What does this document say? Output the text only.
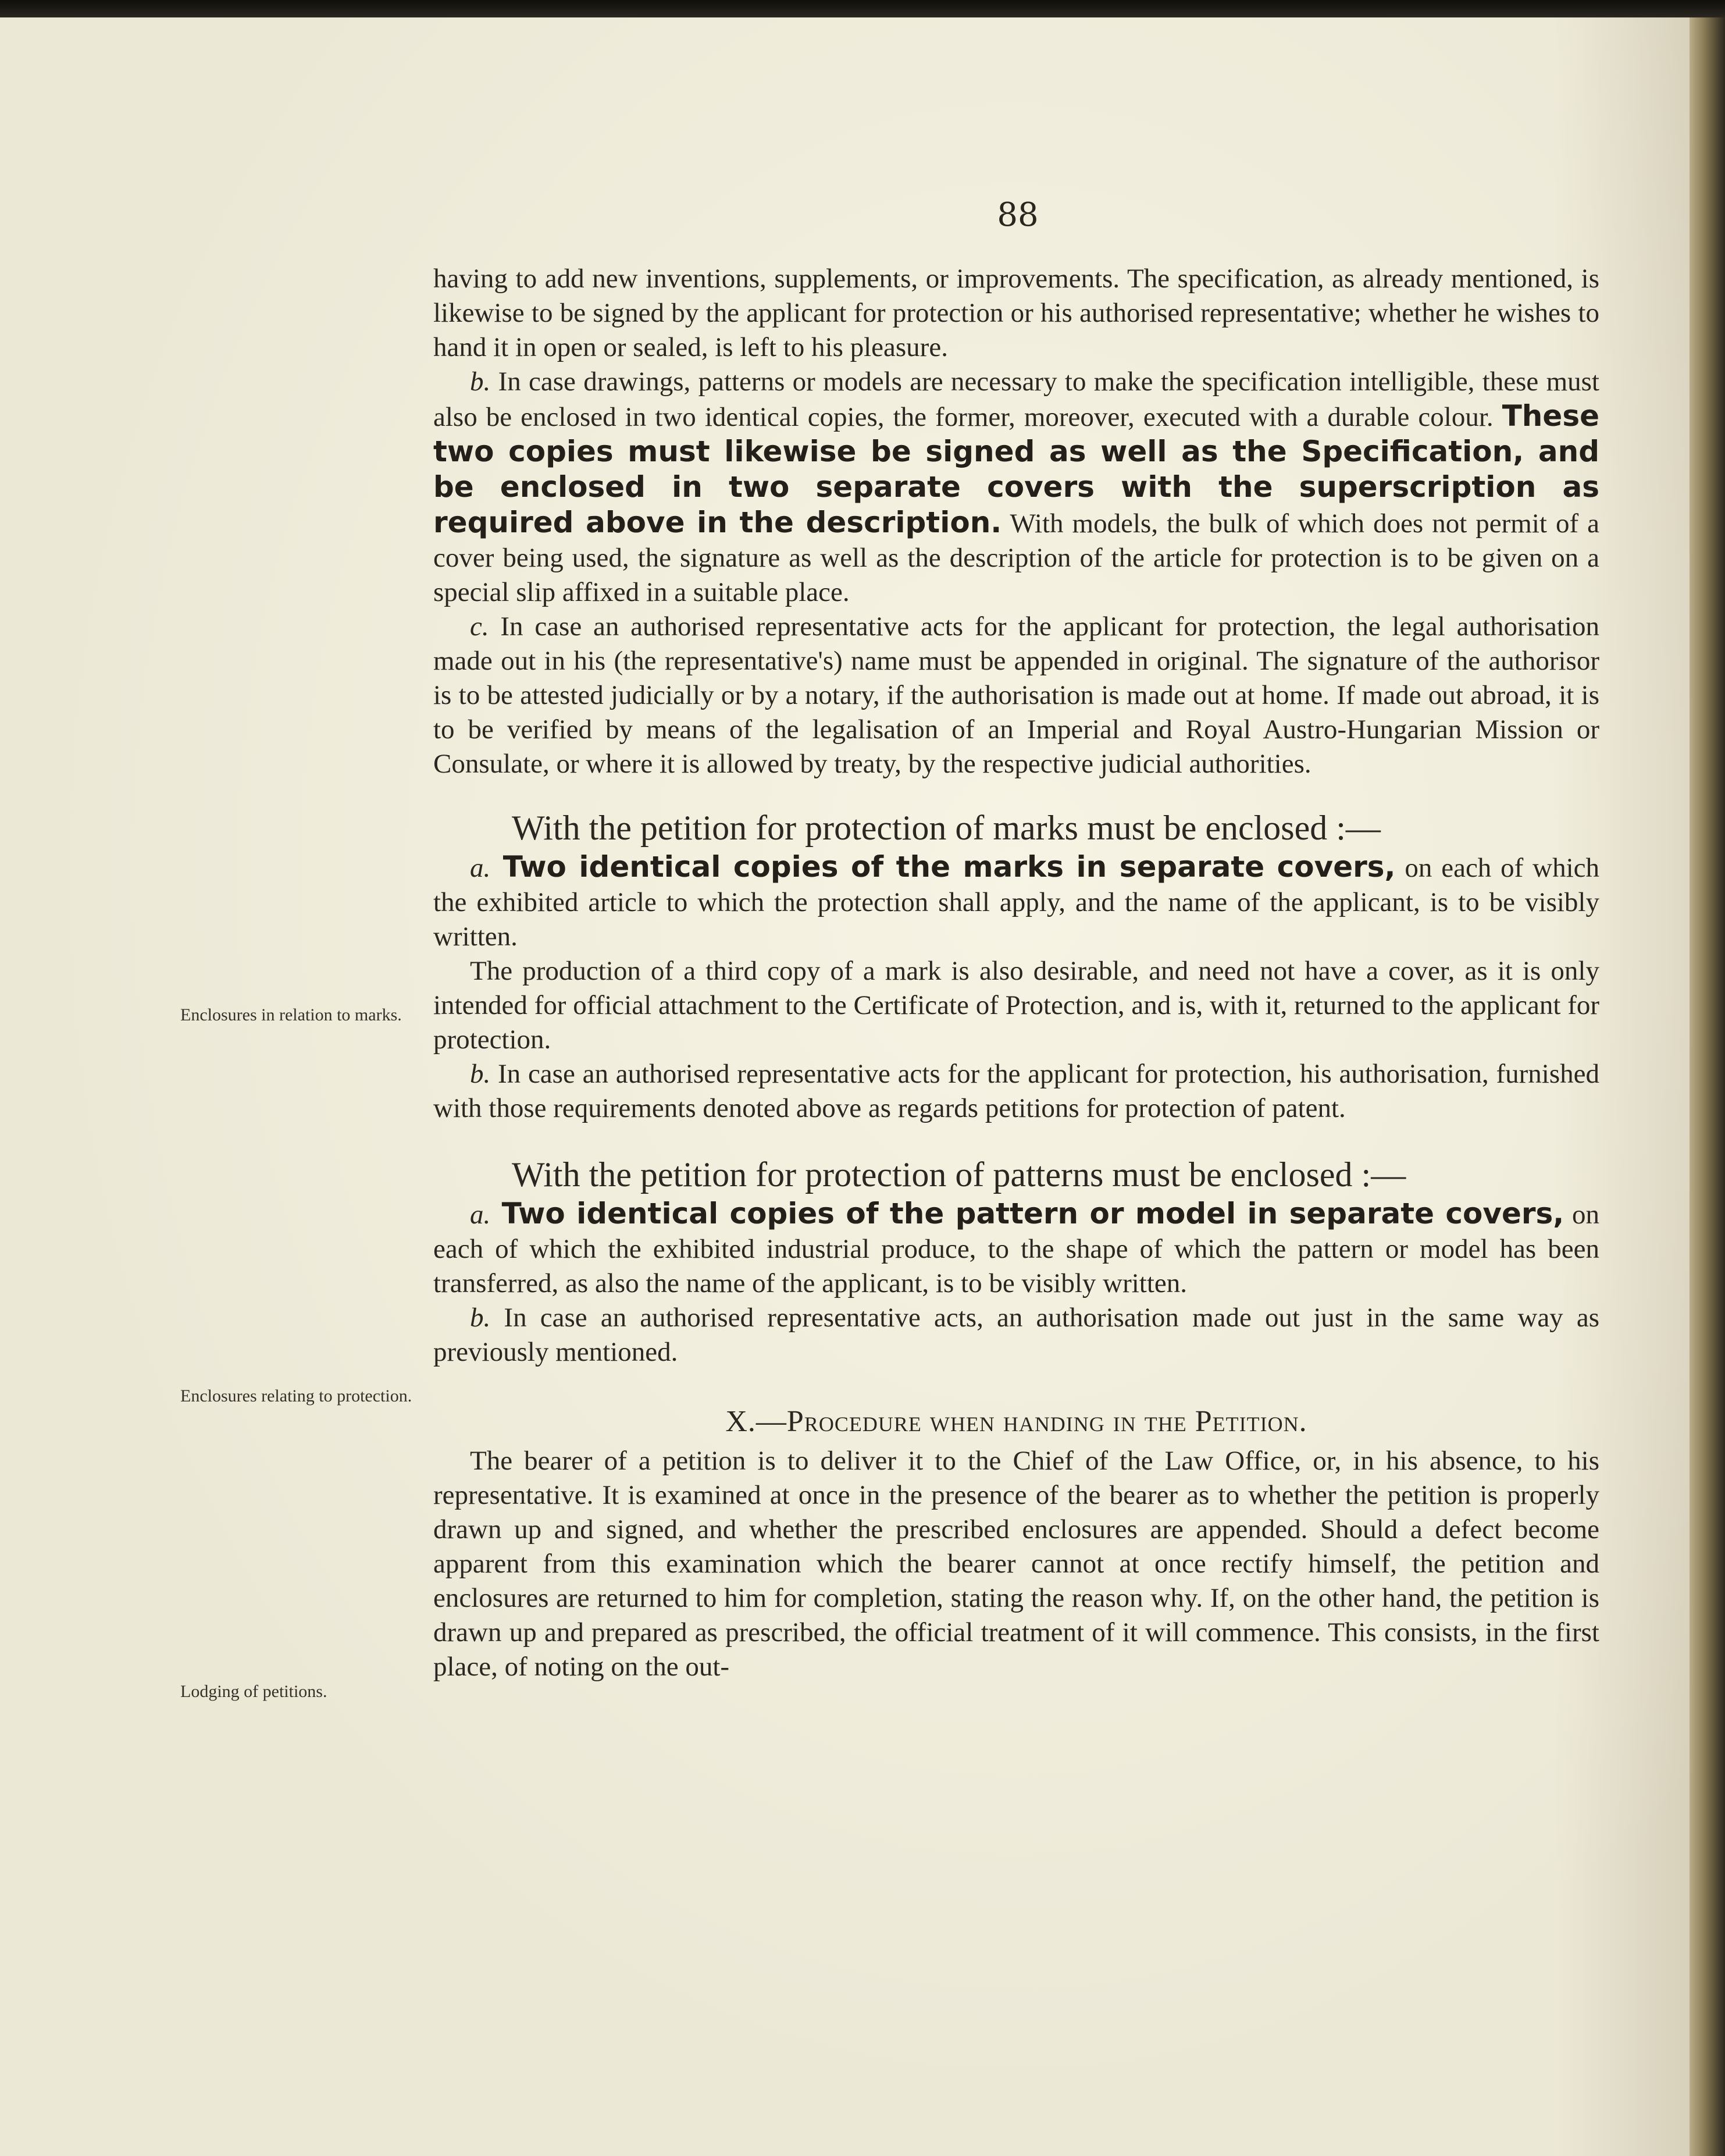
88
Enclosures in relation to marks.
Enclosures relating to protection.
Lodging of petitions.

having to add new inventions, supplements, or improvements. The specification, as already mentioned, is likewise to be signed by the applicant for protection or his authorised representative; whether he wishes to hand it in open or sealed, is left to his pleasure.

b. In case drawings, patterns or models are necessary to make the specification intelligible, these must also be enclosed in two identical copies, the former, moreover, executed with a durable colour. These two copies must likewise be signed as well as the Specification, and be enclosed in two separate covers with the superscription as required above in the description. With models, the bulk of which does not permit of a cover being used, the signature as well as the description of the article for protection is to be given on a special slip affixed in a suitable place.

c. In case an authorised representative acts for the applicant for protection, the legal authorisation made out in his (the representative's) name must be appended in original. The signature of the authorisor is to be attested judicially or by a notary, if the authorisation is made out at home. If made out abroad, it is to be verified by means of the legalisation of an Imperial and Royal Austro-Hungarian Mission or Consulate, or where it is allowed by treaty, by the respective judicial authorities.

With the petition for protection of marks must be enclosed :—

a. Two identical copies of the marks in separate covers, on each of which the exhibited article to which the protection shall apply, and the name of the applicant, is to be visibly written.

The production of a third copy of a mark is also desirable, and need not have a cover, as it is only intended for official attachment to the Certificate of Protection, and is, with it, returned to the applicant for protection.

b. In case an authorised representative acts for the applicant for protection, his authorisation, furnished with those requirements denoted above as regards petitions for protection of patent.

With the petition for protection of patterns must be enclosed :—

a. Two identical copies of the pattern or model in separate covers, on each of which the exhibited industrial produce, to the shape of which the pattern or model has been transferred, as also the name of the applicant, is to be visibly written.

b. In case an authorised representative acts, an authorisation made out just in the same way as previously mentioned.

X.—Procedure when handing in the Petition.

The bearer of a petition is to deliver it to the Chief of the Law Office, or, in his absence, to his representative. It is examined at once in the presence of the bearer as to whether the petition is properly drawn up and signed, and whether the prescribed enclosures are appended. Should a defect become apparent from this examination which the bearer cannot at once rectify himself, the petition and enclosures are returned to him for completion, stating the reason why. If, on the other hand, the petition is drawn up and prepared as prescribed, the official treatment of it will commence. This consists, in the first place, of noting on the out-
